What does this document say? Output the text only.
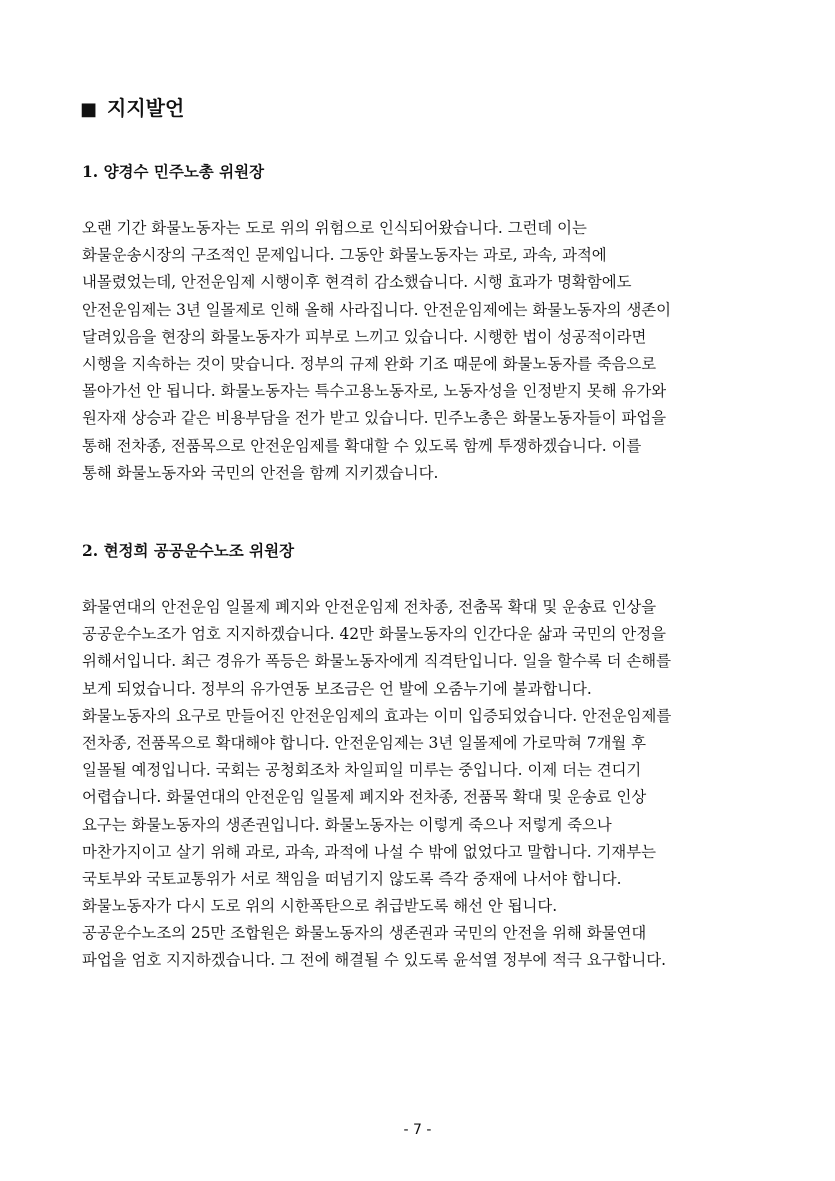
■ 지지발언
1. 양경수 민주노총 위원장
오랜 기간 화물노동자는 도로 위의 위험으로 인식되어왔습니다. 그런데 이는
화물운송시장의 구조적인 문제입니다. 그동안 화물노동자는 과로, 과속, 과적에
내몰렸었는데, 안전운임제 시행이후 현격히 감소했습니다. 시행 효과가 명확함에도
안전운임제는 3년 일몰제로 인해 올해 사라집니다. 안전운임제에는 화물노동자의 생존이
달려있음을 현장의 화물노동자가 피부로 느끼고 있습니다. 시행한 법이 성공적이라면
시행을 지속하는 것이 맞습니다. 정부의 규제 완화 기조 때문에 화물노동자를 죽음으로
몰아가선 안 됩니다. 화물노동자는 특수고용노동자로, 노동자성을 인정받지 못해 유가와
원자재 상승과 같은 비용부담을 전가 받고 있습니다. 민주노총은 화물노동자들이 파업을
통해 전차종, 전품목으로 안전운임제를 확대할 수 있도록 함께 투쟁하겠습니다. 이를
통해 화물노동자와 국민의 안전을 함께 지키겠습니다.
2. 현정희 공공운수노조 위원장
화물연대의 안전운임 일몰제 폐지와 안전운임제 전차종, 전춤목 확대 및 운송료 인상을
공공운수노조가 엄호 지지하겠습니다. 42만 화물노동자의 인간다운 삶과 국민의 안정을
위해서입니다. 최근 경유가 폭등은 화물노동자에게 직격탄입니다. 일을 할수록 더 손해를
보게 되었습니다. 정부의 유가연동 보조금은 언 발에 오줌누기에 불과합니다.
화물노동자의 요구로 만들어진 안전운임제의 효과는 이미 입증되었습니다. 안전운임제를
전차종, 전품목으로 확대해야 합니다. 안전운임제는 3년 일몰제에 가로막혀 7개월 후
일몰될 예정입니다. 국회는 공청회조차 차일피일 미루는 중입니다. 이제 더는 견디기
어렵습니다. 화물연대의 안전운임 일몰제 폐지와 전차종, 전품목 확대 및 운송료 인상
요구는 화물노동자의 생존권입니다. 화물노동자는 이렇게 죽으나 저렇게 죽으나
마찬가지이고 살기 위해 과로, 과속, 과적에 나설 수 밖에 없었다고 말합니다. 기재부는
국토부와 국토교통위가 서로 책임을 떠넘기지 않도록 즉각 중재에 나서야 합니다.
화물노동자가 다시 도로 위의 시한폭탄으로 취급받도록 해선 안 됩니다.
공공운수노조의 25만 조합원은 화물노동자의 생존권과 국민의 안전을 위해 화물연대
파업을 엄호 지지하겠습니다. 그 전에 해결될 수 있도록 윤석열 정부에 적극 요구합니다.
- 7 -
